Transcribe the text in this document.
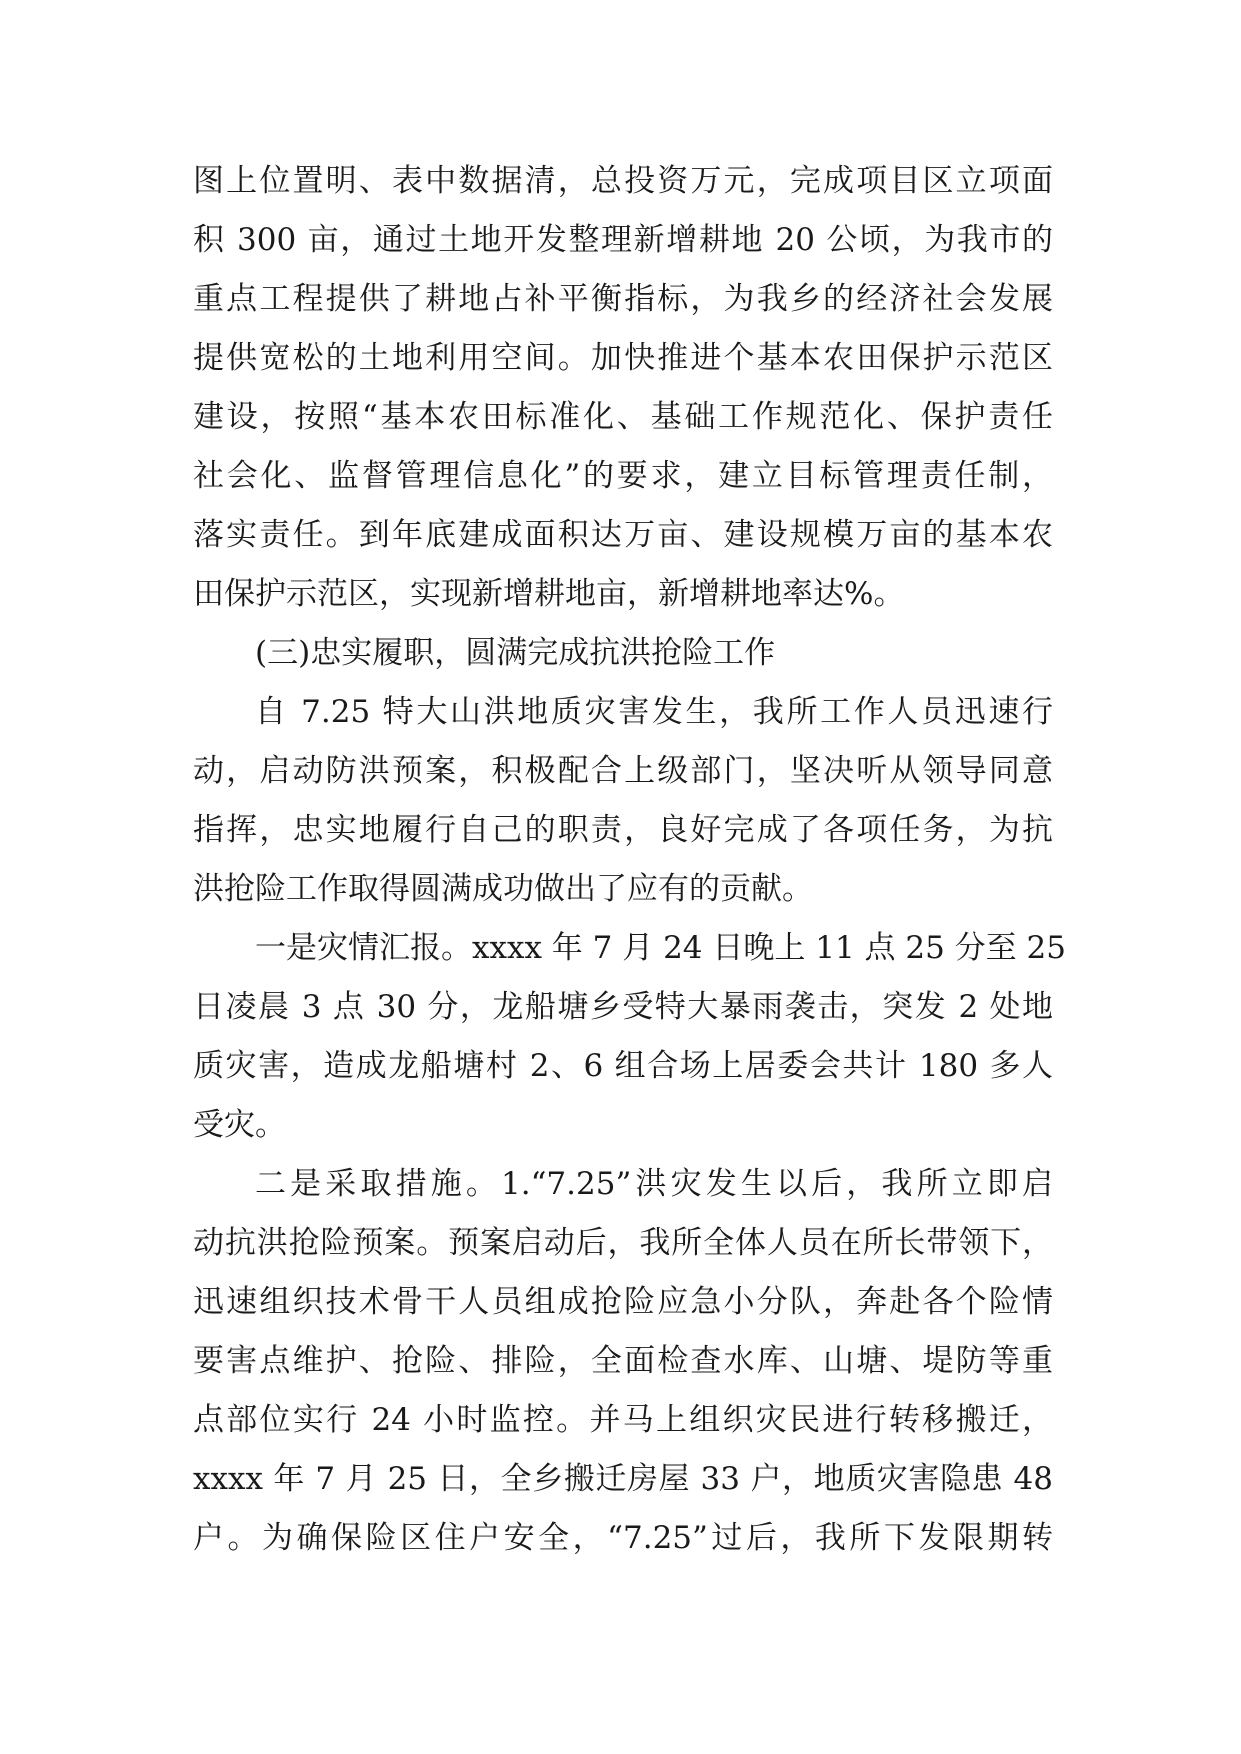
图上位置明、表中数据清，总投资万元，完成项目区立项面
积 300 亩，通过土地开发整理新增耕地 20 公顷，为我市的
重点工程提供了耕地占补平衡指标，为我乡的经济社会发展
提供宽松的土地利用空间。加快推进个基本农田保护示范区
建设，按照“基本农田标准化、基础工作规范化、保护责任
社会化、监督管理信息化”的要求，建立目标管理责任制，
落实责任。到年底建成面积达万亩、建设规模万亩的基本农
田保护示范区，实现新增耕地亩，新增耕地率达%。
(三)忠实履职，圆满完成抗洪抢险工作
自 7.25 特大山洪地质灾害发生，我所工作人员迅速行
动，启动防洪预案，积极配合上级部门，坚决听从领导同意
指挥，忠实地履行自己的职责，良好完成了各项任务，为抗
洪抢险工作取得圆满成功做出了应有的贡献。
一是灾情汇报。xxxx 年 7 月 24 日晚上 11 点 25 分至 25
日凌晨 3 点 30 分，龙船塘乡受特大暴雨袭击，突发 2 处地
质灾害，造成龙船塘村 2、6 组合场上居委会共计 180 多人
受灾。
二是采取措施。1.“7.25”洪灾发生以后，我所立即启
动抗洪抢险预案。预案启动后，我所全体人员在所长带领下，
迅速组织技术骨干人员组成抢险应急小分队，奔赴各个险情
要害点维护、抢险、排险，全面检查水库、山塘、堤防等重
点部位实行 24 小时监控。并马上组织灾民进行转移搬迁，
xxxx 年 7 月 25 日，全乡搬迁房屋 33 户，地质灾害隐患 48
户。为确保险区住户安全，“7.25”过后，我所下发限期转
